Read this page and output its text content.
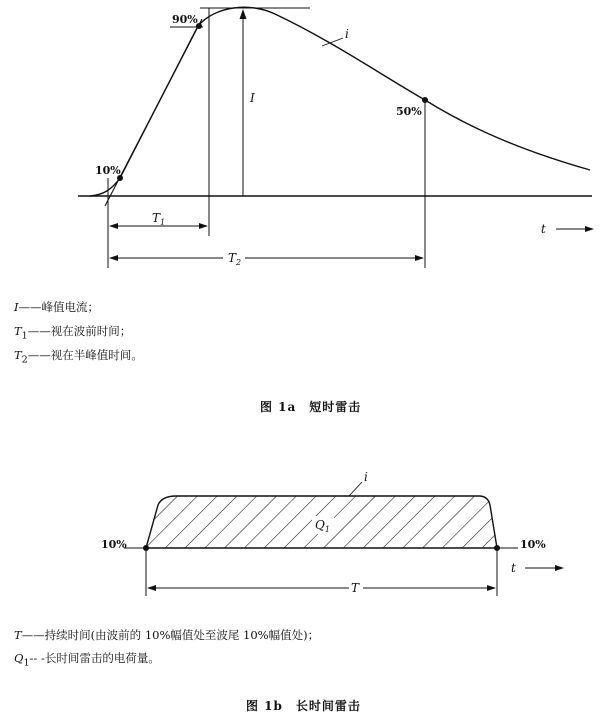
90%
10%
50%
I
i
t
$T_1$
$T_2$
i
$Q_1$
10%	10%
T
t
I——峰值电流；
$T_1——$视在波前时间；
$T_2——$视在半峰值时间。
图 1a　短时雷击
T——持续时间(由波前的 10%幅值处至波尾 10%幅值处)；
$Q_1--$ -长时间雷击的电荷量。
图 1b　长时间雷击
